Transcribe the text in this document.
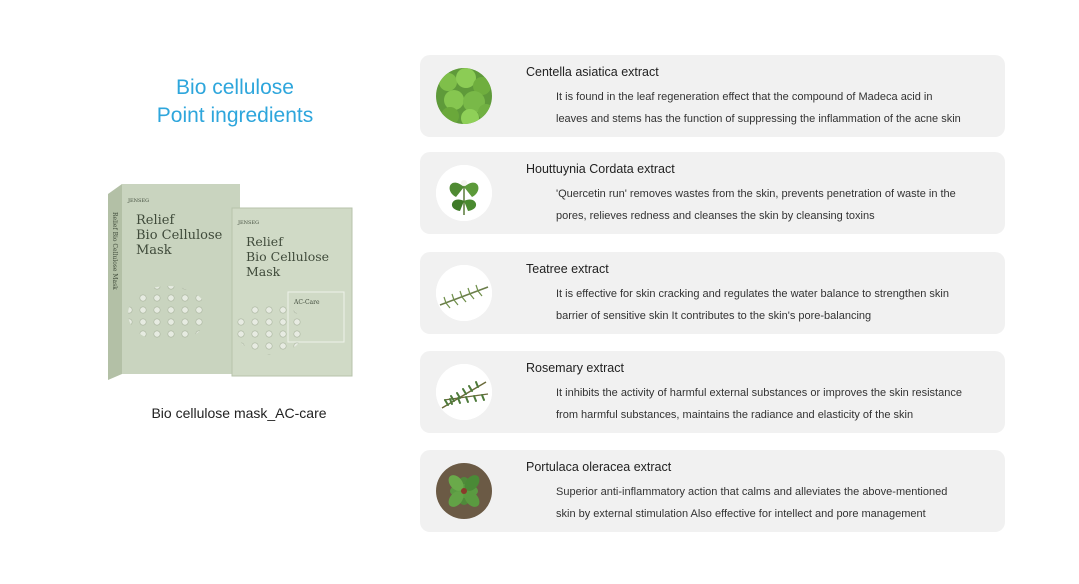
Bio cellulose
Point ingredients
JENSEG
Relief
Bio Cellulose
Mask
Relief Bio Cellulose Mask	JENSEG
Relief
Bio Cellulose
Mask
AC-Care
Bio cellulose mask_AC-care
Centella asiatica extract
It is found in the leaf regeneration effect that the compound of Madeca acid in
leaves and stems has the function of suppressing the inflammation of the acne skin
Houttuynia Cordata extract
'Quercetin run' removes wastes from the skin, prevents penetration of waste in the
pores, relieves redness and cleanses the skin by cleansing toxins
Teatree extract
It is effective for skin cracking and regulates the water balance to strengthen skin
barrier of sensitive skin It contributes to the skin's pore-balancing
Rosemary extract
It inhibits the activity of harmful external substances or improves the skin resistance
from harmful substances, maintains the radiance and elasticity of the skin
Portulaca oleracea extract
Superior anti-inflammatory action that calms and alleviates the above-mentioned
skin by external stimulation Also effective for intellect and pore management
